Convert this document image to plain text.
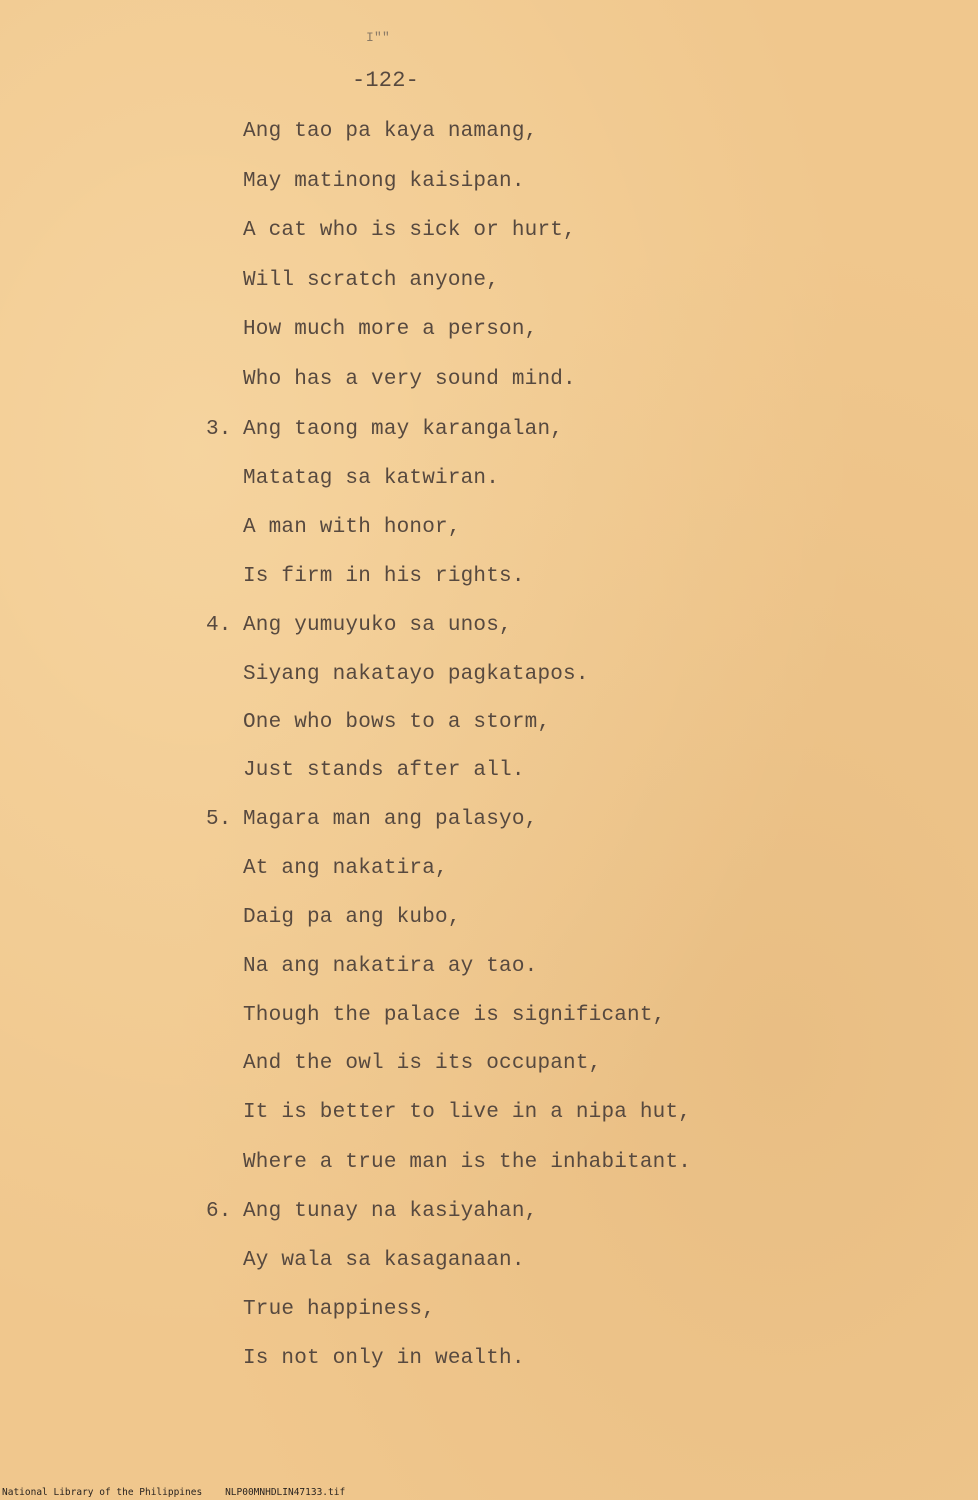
I""
-122-
Ang tao pa kaya namang,
May matinong kaisipan.
A cat who is sick or hurt,
Will scratch anyone,
How much more a person,
Who has a very sound mind.
3. Ang taong may karangalan,
Matatag sa katwiran.
A man with honor,
Is firm in his rights.
4. Ang yumuyuko sa unos,
Siyang nakatayo pagkatapos.
One who bows to a storm,
Just stands after all.
5. Magara man ang palasyo,
At ang nakatira,
Daig pa ang kubo,
Na ang nakatira ay tao.
Though the palace is significant,
And the owl is its occupant,
It is better to live in a nipa hut,
Where a true man is the inhabitant.
6. Ang tunay na kasiyahan,
Ay wala sa kasaganaan.
True happiness,
Is not only in wealth.
National Library of the Philippines NLP00MNHDLIN47133.tif
